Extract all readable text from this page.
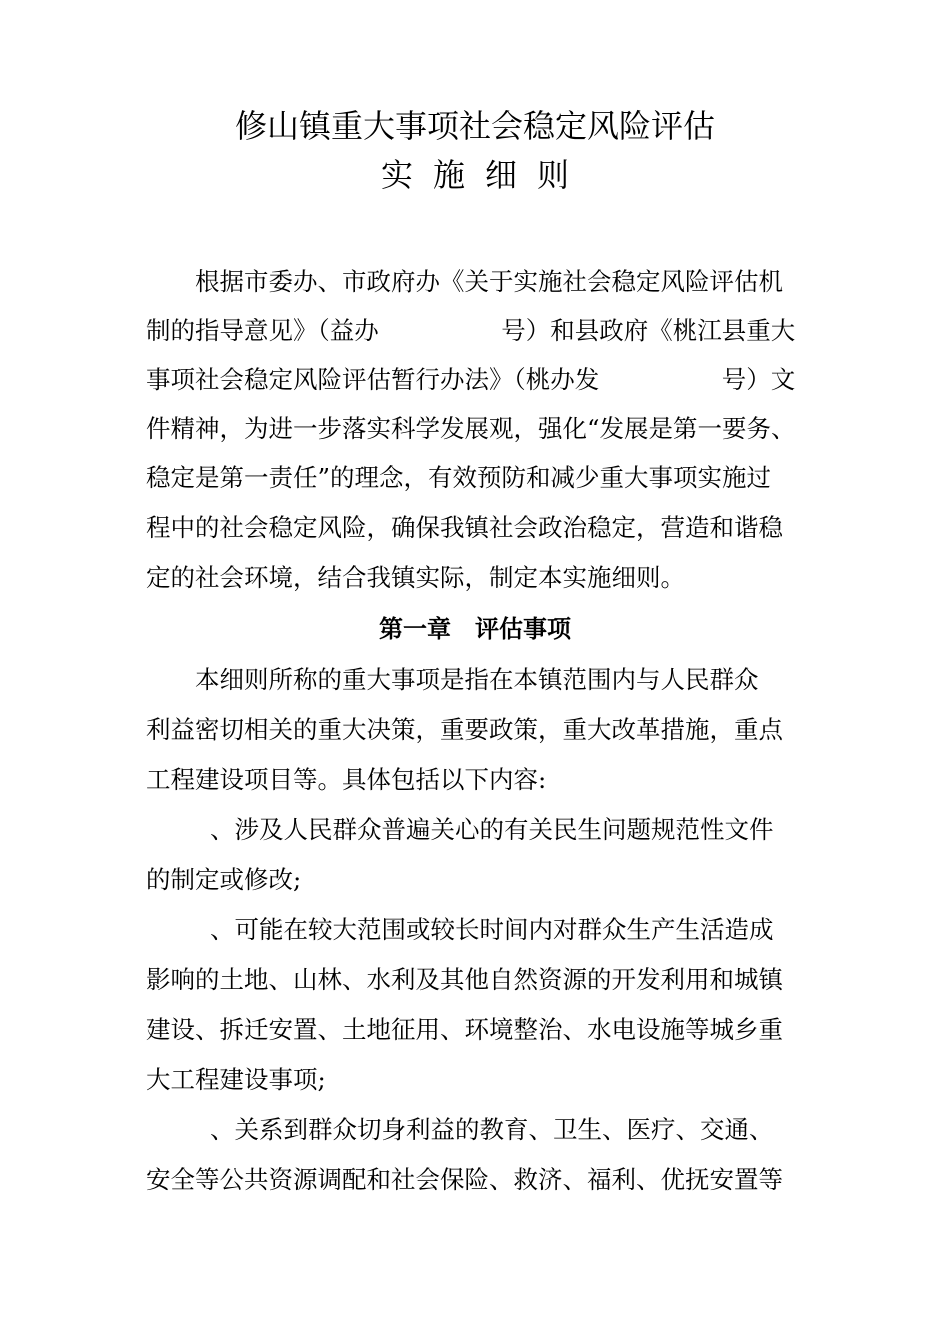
修山镇重大事项社会稳定风险评估
实施细则
根据市委办、市政府办《关于实施社会稳定风险评估机
制的指导意见》（益办　　　　　号）和县政府《桃江县重大
事项社会稳定风险评估暂行办法》（桃办发　　　　　号）文
件精神，为进一步落实科学发展观，强化“发展是第一要务、
稳定是第一责任”的理念，有效预防和减少重大事项实施过
程中的社会稳定风险，确保我镇社会政治稳定，营造和谐稳
定的社会环境，结合我镇实际，制定本实施细则。
第一章　评估事项
本细则所称的重大事项是指在本镇范围内与人民群众
利益密切相关的重大决策，重要政策，重大改革措施，重点
工程建设项目等。具体包括以下内容:
、涉及人民群众普遍关心的有关民生问题规范性文件
的制定或修改;
、可能在较大范围或较长时间内对群众生产生活造成
影响的土地、山林、水利及其他自然资源的开发利用和城镇
建设、拆迁安置、土地征用、环境整治、水电设施等城乡重
大工程建设事项;
、关系到群众切身利益的教育、卫生、医疗、交通、
安全等公共资源调配和社会保险、救济、福利、优抚安置等
